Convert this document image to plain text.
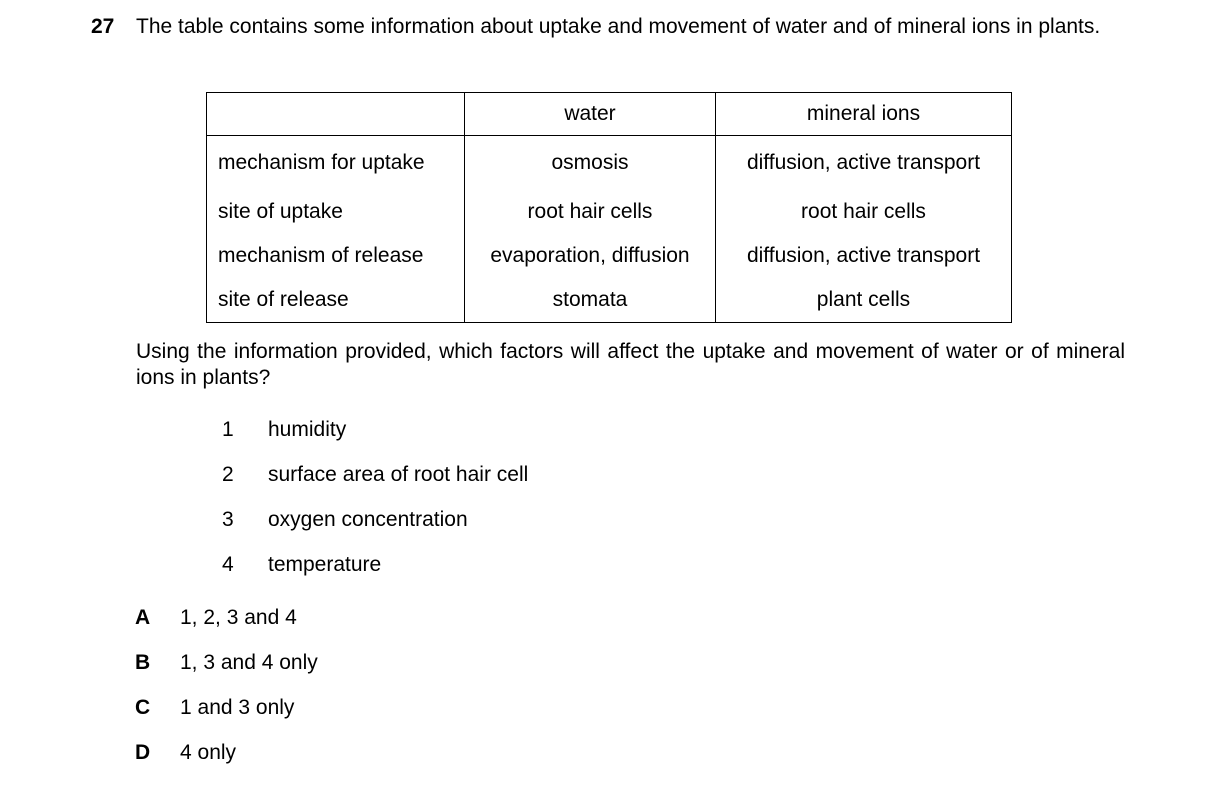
27 The table contains some information about uptake and movement of water and of mineral ions in plants.
	water	mineral ions
mechanism for uptake	osmosis	diffusion, active transport
site of uptake	root hair cells	root hair cells
mechanism of release	evaporation, diffusion	diffusion, active transport
site of release	stomata	plant cells
Using the information provided, which factors will affect the uptake and movement of water or of mineral ions in plants?
1 humidity
2 surface area of root hair cell
3 oxygen concentration
4 temperature
A 1, 2, 3 and 4
B 1, 3 and 4 only
C 1 and 3 only
D 4 only
